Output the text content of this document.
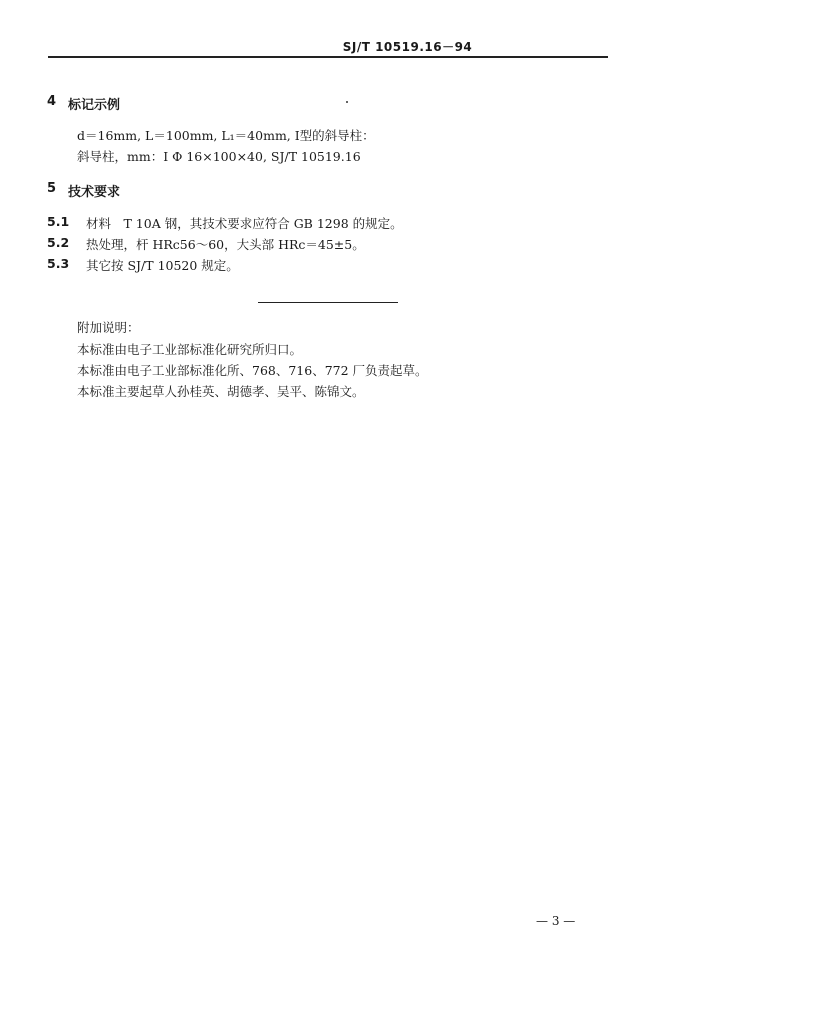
SJ/T 10519.16－94
4 标记示例
d＝16mm, L＝100mm, L₁＝40mm, Ⅰ型的斜导柱：
斜导柱，mm：Ⅰ Φ 16×100×40, SJ/T 10519.16
5 技术要求
5.1 材料　T 10A 钢，其技术要求应符合 GB 1298 的规定。
5.2 热处理，杆 HRc56～60，大头部 HRc＝45±5。
5.3 其它按 SJ/T 10520 规定。
附加说明：
本标准由电子工业部标准化研究所归口。
本标准由电子工业部标准化所、768、716、772 厂负责起草。
本标准主要起草人孙桂英、胡德孝、吴平、陈锦文。
— 3 —
